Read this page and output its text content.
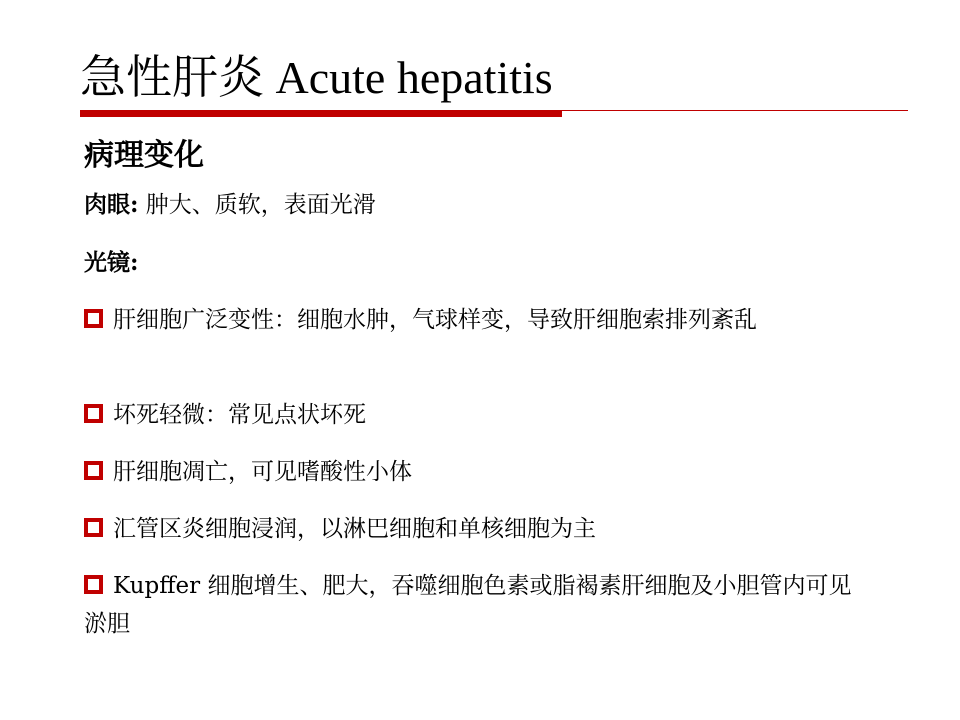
急性肝炎 Acute hepatitis
病理变化
肉眼: 肿大、质软，表面光滑
光镜:
肝细胞广泛变性：细胞水肿，气球样变，导致肝细胞索排列紊乱
坏死轻微：常见点状坏死
肝细胞凋亡，可见嗜酸性小体
汇管区炎细胞浸润，以淋巴细胞和单核细胞为主
Kupffer 细胞增生、肥大，吞噬细胞色素或脂褐素肝细胞及小胆管内可见淤胆
